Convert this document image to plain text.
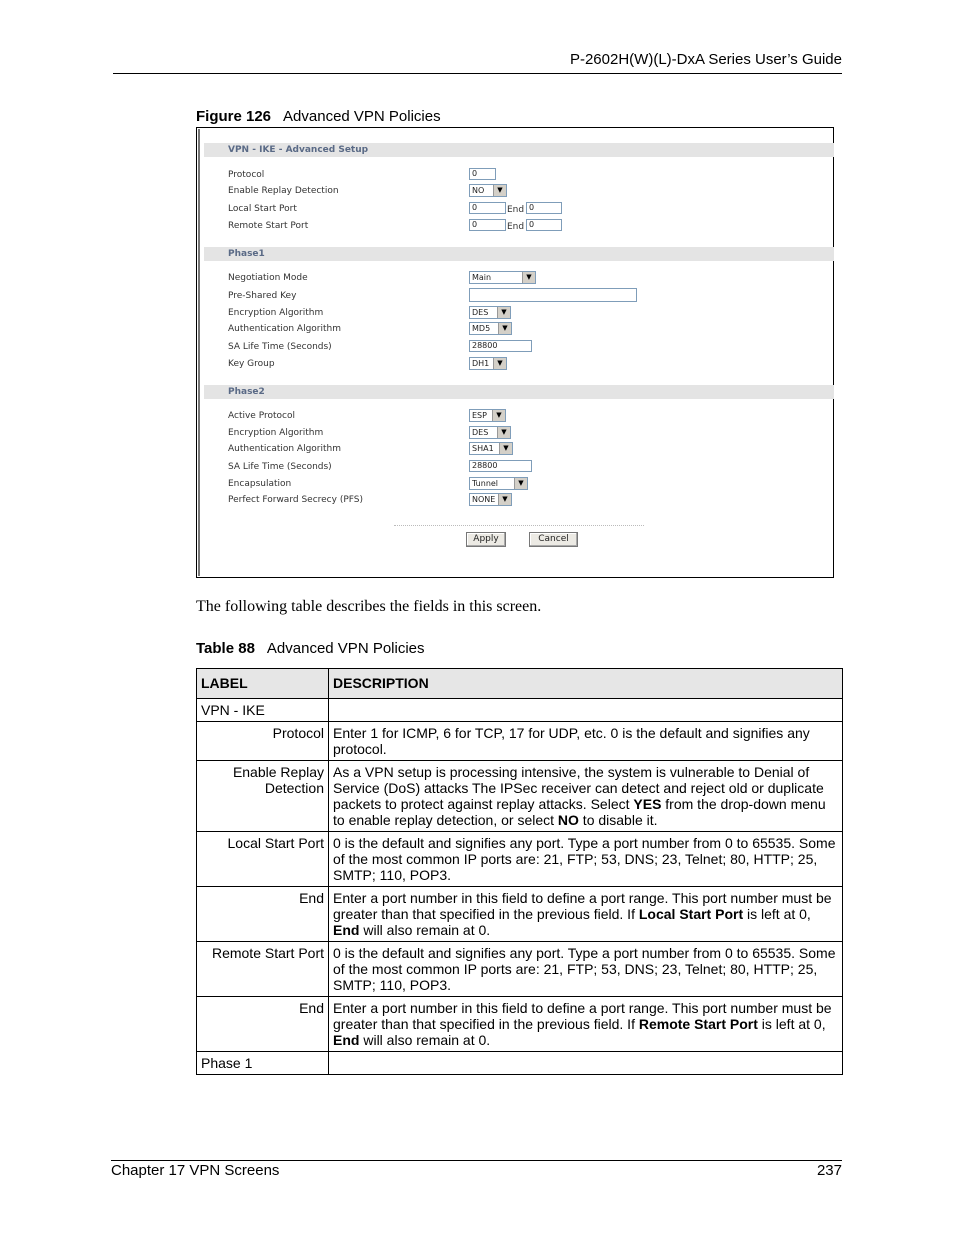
P-2602H(W)(L)-DxA Series User’s Guide
Figure 126 Advanced VPN Policies
VPN - IKE - Advanced Setup
Protocol	0
Enable Replay Detection	NO	▼
Local Start Port	0	End 0
Remote Start Port	0	End 0
Phase1
Negotiation Mode	Main	▼
Pre-Shared Key
Encryption Algorithm	DES	▼
Authentication Algorithm	MD5	▼
SA Life Time (Seconds)	28800
Key Group	DH1	▼
Phase2
Active Protocol	ESP	▼
Encryption Algorithm	DES	▼
Authentication Algorithm	SHA1	▼
SA Life Time (Seconds)	28800
Encapsulation	Tunnel	▼
Perfect Forward Secrecy (PFS)	NONE ▼
Apply	Cancel
The following table describes the fields in this screen.
Table 88 Advanced VPN Policies
LABEL	DESCRIPTION
VPN - IKE	
Protocol	Enter 1 for ICMP, 6 for TCP, 17 for UDP, etc. 0 is the default and signifies any protocol.
Enable Replay
Detection	As a VPN setup is processing intensive, the system is vulnerable to Denial of Service (DoS) attacks The IPSec receiver can detect and reject old or duplicate packets to protect against replay attacks. Select YES from the drop-down menu to enable replay detection, or select NO to disable it.
Local Start Port	0 is the default and signifies any port. Type a port number from 0 to 65535. Some of the most common IP ports are: 21, FTP; 53, DNS; 23, Telnet; 80, HTTP; 25, SMTP; 110, POP3.
End	Enter a port number in this field to define a port range. This port number must be greater than that specified in the previous field. If Local Start Port is left at 0, End will also remain at 0.
Remote Start Port	0 is the default and signifies any port. Type a port number from 0 to 65535. Some of the most common IP ports are: 21, FTP; 53, DNS; 23, Telnet; 80, HTTP; 25, SMTP; 110, POP3.
End	Enter a port number in this field to define a port range. This port number must be greater than that specified in the previous field. If Remote Start Port is left at 0, End will also remain at 0.
Phase 1	
Chapter 17 VPN Screens	237
